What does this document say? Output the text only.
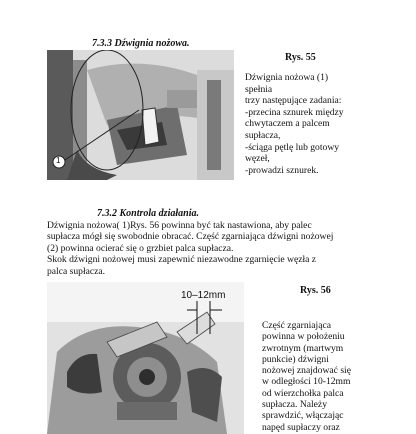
7.3.3 Dźwignia nożowa.
1
Rys. 55
Dźwignia nożowa (1)
spełnia
trzy następujące zadania:
-przecina sznurek między
chwytaczem a palcem
supłacza,
-ściąga pętlę lub gotowy
węzeł,
-prowadzi sznurek.
7.3.2 Kontrola działania.
Dźwignia nożowa( 1)Rys. 56 powinna być tak nastawiona, aby palec
supłacza mógł się swobodnie obracać. Część zgarniająca dźwigni nożowej
(2) powinna ocierać się o grzbiet palca supłacza.
Skok dźwigni nożowej musi zapewnić niezawodne zgarnięcie węzła z
palca supłacza.
10–12mm	Rys. 56
Część zgarniająca
powinna w położeniu
zwrotnym (martwym
punkcie) dźwigni
nożowej znajdować się
w odległości 10-12mm
od wierzchołka palca
supłacza. Należy
sprawdzić, włączając
napęd supłaczy oraz
